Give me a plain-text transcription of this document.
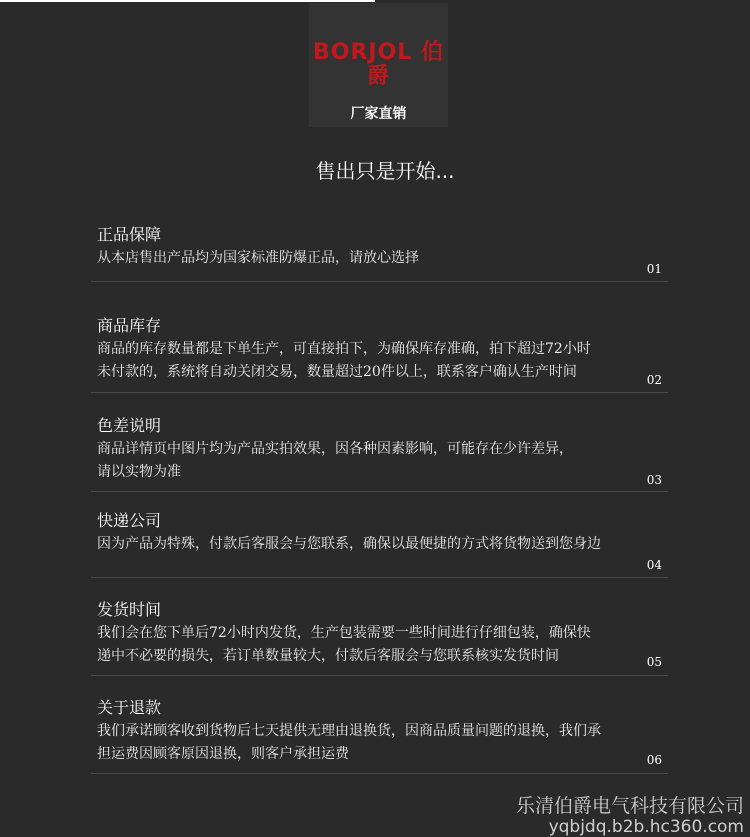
BORJOL 伯爵
厂家直销
售出只是开始...
正品保障
从本店售出产品均为国家标准防爆正品，请放心选择
01
商品库存
商品的库存数量都是下单生产，可直接拍下，为确保库存准确，拍下超过72小时
未付款的，系统将自动关闭交易，数量超过20件以上，联系客户确认生产时间	02
色差说明
商品详情页中图片均为产品实拍效果，因各种因素影响，可能存在少许差异，
请以实物为准	03
快递公司
因为产品为特殊，付款后客服会与您联系，确保以最便捷的方式将货物送到您身边
04
发货时间
我们会在您下单后72小时内发货，生产包装需要一些时间进行仔细包装，确保快
递中不必要的损失，若订单数量较大，付款后客服会与您联系核实发货时间	05
关于退款
我们承诺顾客收到货物后七天提供无理由退换货，因商品质量问题的退换，我们承
担运费因顾客原因退换，则客户承担运费	06
乐清伯爵电气科技有限公司
yqbjdq.b2b.hc360.com
